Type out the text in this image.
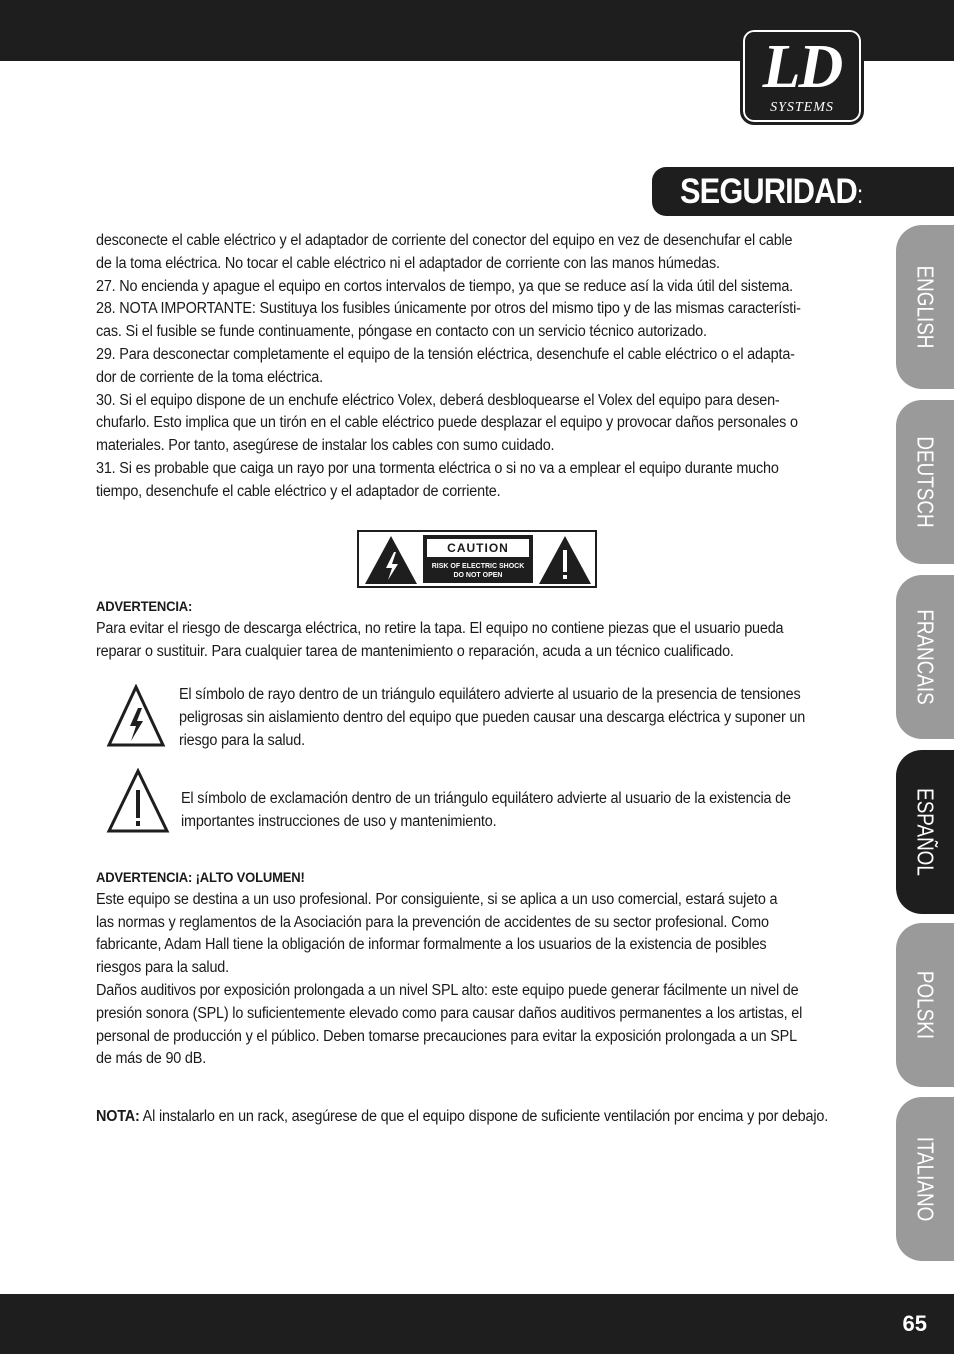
LD
SYSTEMS
SEGURIDAD:
ENGLISH
DEUTSCH
FRANCAIS
ESPAÑOL
POLSKI
ITALIANO

desconecte el cable eléctrico y el adaptador de corriente del conector del equipo en vez de desenchufar el cable

de la toma eléctrica. No tocar el cable eléctrico ni el adaptador de corriente con las manos húmedas.

27. No encienda y apague el equipo en cortos intervalos de tiempo, ya que se reduce así la vida útil del sistema.

28. NOTA IMPORTANTE: Sustituya los fusibles únicamente por otros del mismo tipo y de las mismas característi-

cas. Si el fusible se funde continuamente, póngase en contacto con un servicio técnico autorizado.

29. Para desconectar completamente el equipo de la tensión eléctrica, desenchufe el cable eléctrico o el adapta-

dor de corriente de la toma eléctrica.

30. Si el equipo dispone de un enchufe eléctrico Volex, deberá desbloquearse el Volex del equipo para desen-

chufarlo. Esto implica que un tirón en el cable eléctrico puede desplazar el equipo y provocar daños personales o

materiales. Por tanto, asegúrese de instalar los cables con sumo cuidado.

31. Si es probable que caiga un rayo por una tormenta eléctrica o si no va a emplear el equipo durante mucho

tiempo, desenchufe el cable eléctrico y el adaptador de corriente.

CAUTION
RISK OF ELECTRIC SHOCK
DO NOT OPEN

ADVERTENCIA:

Para evitar el riesgo de descarga eléctrica, no retire la tapa. El equipo no contiene piezas que el usuario pueda

reparar o sustituir. Para cualquier tarea de mantenimiento o reparación, acuda a un técnico cualificado.

El símbolo de rayo dentro de un triángulo equilátero advierte al usuario de la presencia de tensiones

peligrosas sin aislamiento dentro del equipo que pueden causar una descarga eléctrica y suponer un

riesgo para la salud.

El símbolo de exclamación dentro de un triángulo equilátero advierte al usuario de la existencia de

importantes instrucciones de uso y mantenimiento.

ADVERTENCIA: ¡ALTO VOLUMEN!

Este equipo se destina a un uso profesional. Por consiguiente, si se aplica a un uso comercial, estará sujeto a

las normas y reglamentos de la Asociación para la prevención de accidentes de su sector profesional. Como

fabricante, Adam Hall tiene la obligación de informar formalmente a los usuarios de la existencia de posibles

riesgos para la salud.

Daños auditivos por exposición prolongada a un nivel SPL alto: este equipo puede generar fácilmente un nivel de

presión sonora (SPL) lo suficientemente elevado como para causar daños auditivos permanentes a los artistas, el

personal de producción y el público. Deben tomarse precauciones para evitar la exposición prolongada a un SPL

de más de 90 dB.

NOTA: Al instalarlo en un rack, asegúrese de que el equipo dispone de suficiente ventilación por encima y por debajo.

65
